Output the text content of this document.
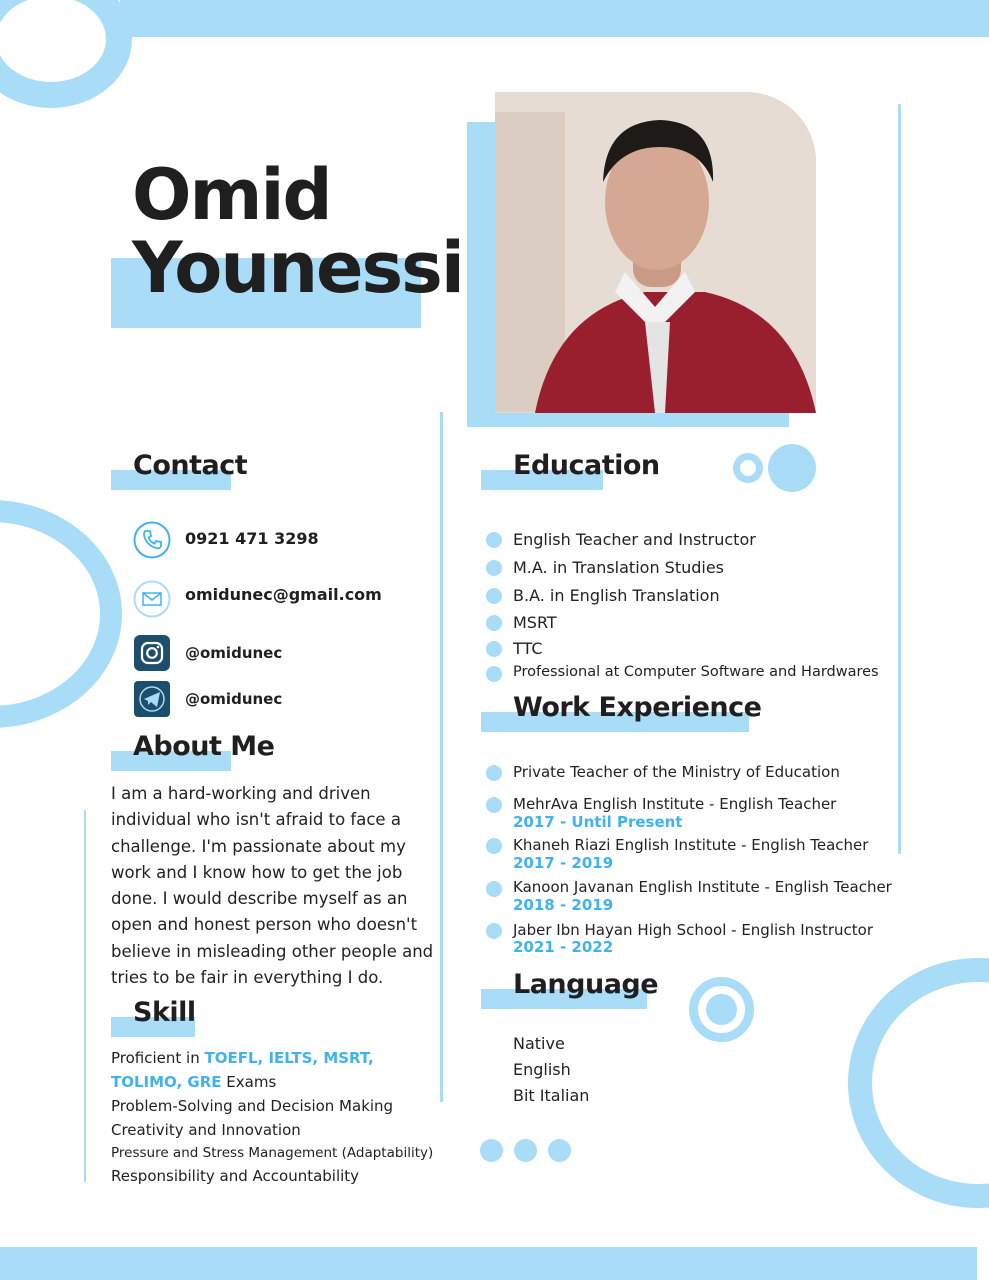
Omid
Younessi
Contact
0921 471 3298
omidunec@gmail.com
@omidunec
@omidunec
About Me
I am a hard-working and driven individual who isn't afraid to face a challenge. I'm passionate about my work and I know how to get the job done. I would describe myself as an open and honest person who doesn't believe in misleading other people and tries to be fair in everything I do.
Skill
Proficient in TOEFL, IELTS, MSRT,
TOLIMO, GRE Exams
Problem-Solving and Decision Making
Creativity and Innovation
Pressure and Stress Management (Adaptability)
Responsibility and Accountability
Education
English Teacher and Instructor
M.A. in Translation Studies
B.A. in English Translation
MSRT
TTC
Professional at Computer Software and Hardwares
Work Experience
Private Teacher of the Ministry of Education
MehrAva English Institute - English Teacher
2017 - Until Present
Khaneh Riazi English Institute - English Teacher
2017 - 2019
Kanoon Javanan English Institute - English Teacher
2018 - 2019
Jaber Ibn Hayan High School - English Instructor
2021 - 2022
Language
Native
English
Bit Italian
